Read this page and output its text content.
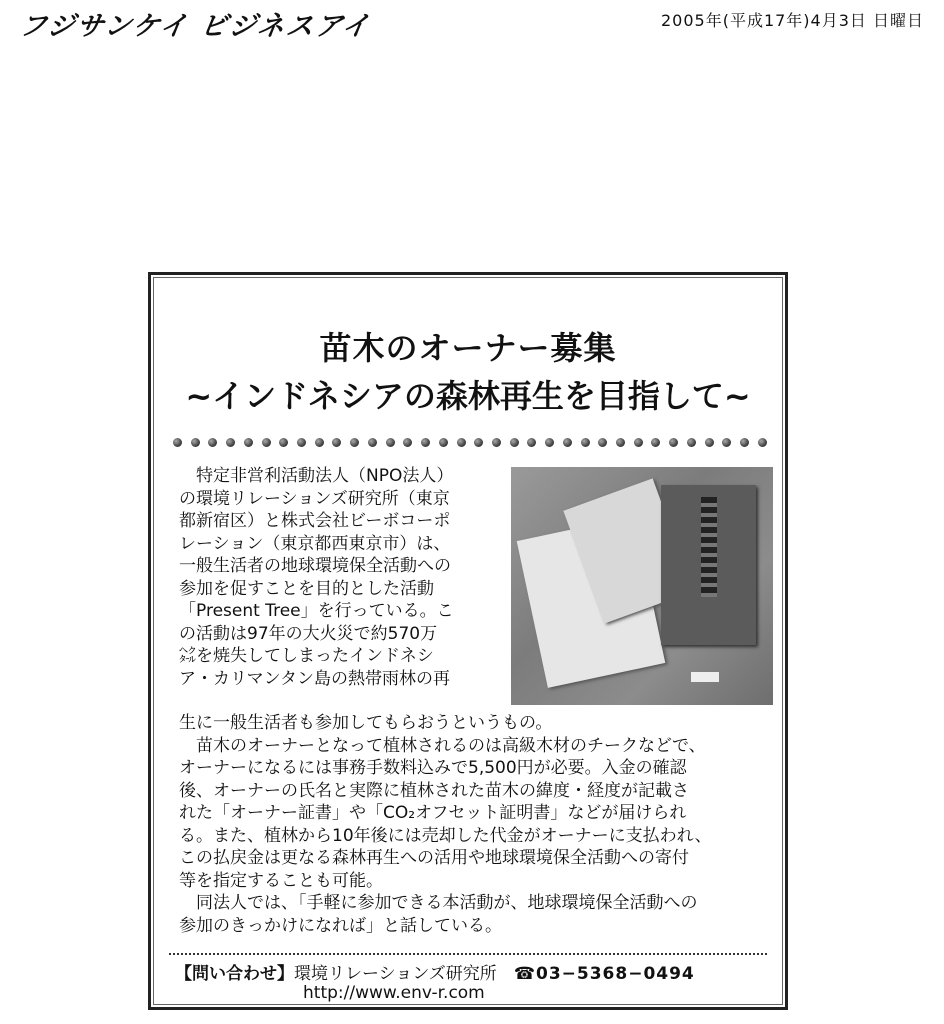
フジサンケイ ビジネスアイ	2005年(平成17年)4月3日 日曜日
苗木のオーナー募集
~インドネシアの森林再生を目指して~
　特定非営利活動法人（NPO法人）
の環境リレーションズ研究所（東京
都新宿区）と株式会社ビーボコーポ
レーション（東京都西東京市）は、
一般生活者の地球環境保全活動への
参加を促すことを目的とした活動
「Present Tree」を行っている。こ
の活動は97年の大火災で約570万
㌶を焼失してしまったインドネシ
ア・カリマンタン島の熱帯雨林の再
生に一般生活者も参加してもらおうというもの。
　苗木のオーナーとなって植林されるのは高級木材のチークなどで、
オーナーになるには事務手数料込みで5,500円が必要。入金の確認
後、オーナーの氏名と実際に植林された苗木の緯度・経度が記載さ
れた「オーナー証書」や「CO₂オフセット証明書」などが届けられ
る。また、植林から10年後には売却した代金がオーナーに支払われ、
この払戻金は更なる森林再生への活用や地球環境保全活動への寄付
等を指定することも可能。
　同法人では、「手軽に参加できる本活動が、地球環境保全活動への
参加のきっかけになれば」と話している。
【問い合わせ】環境リレーションズ研究所　 ☎03−5368−0494
http://www.env-r.com
